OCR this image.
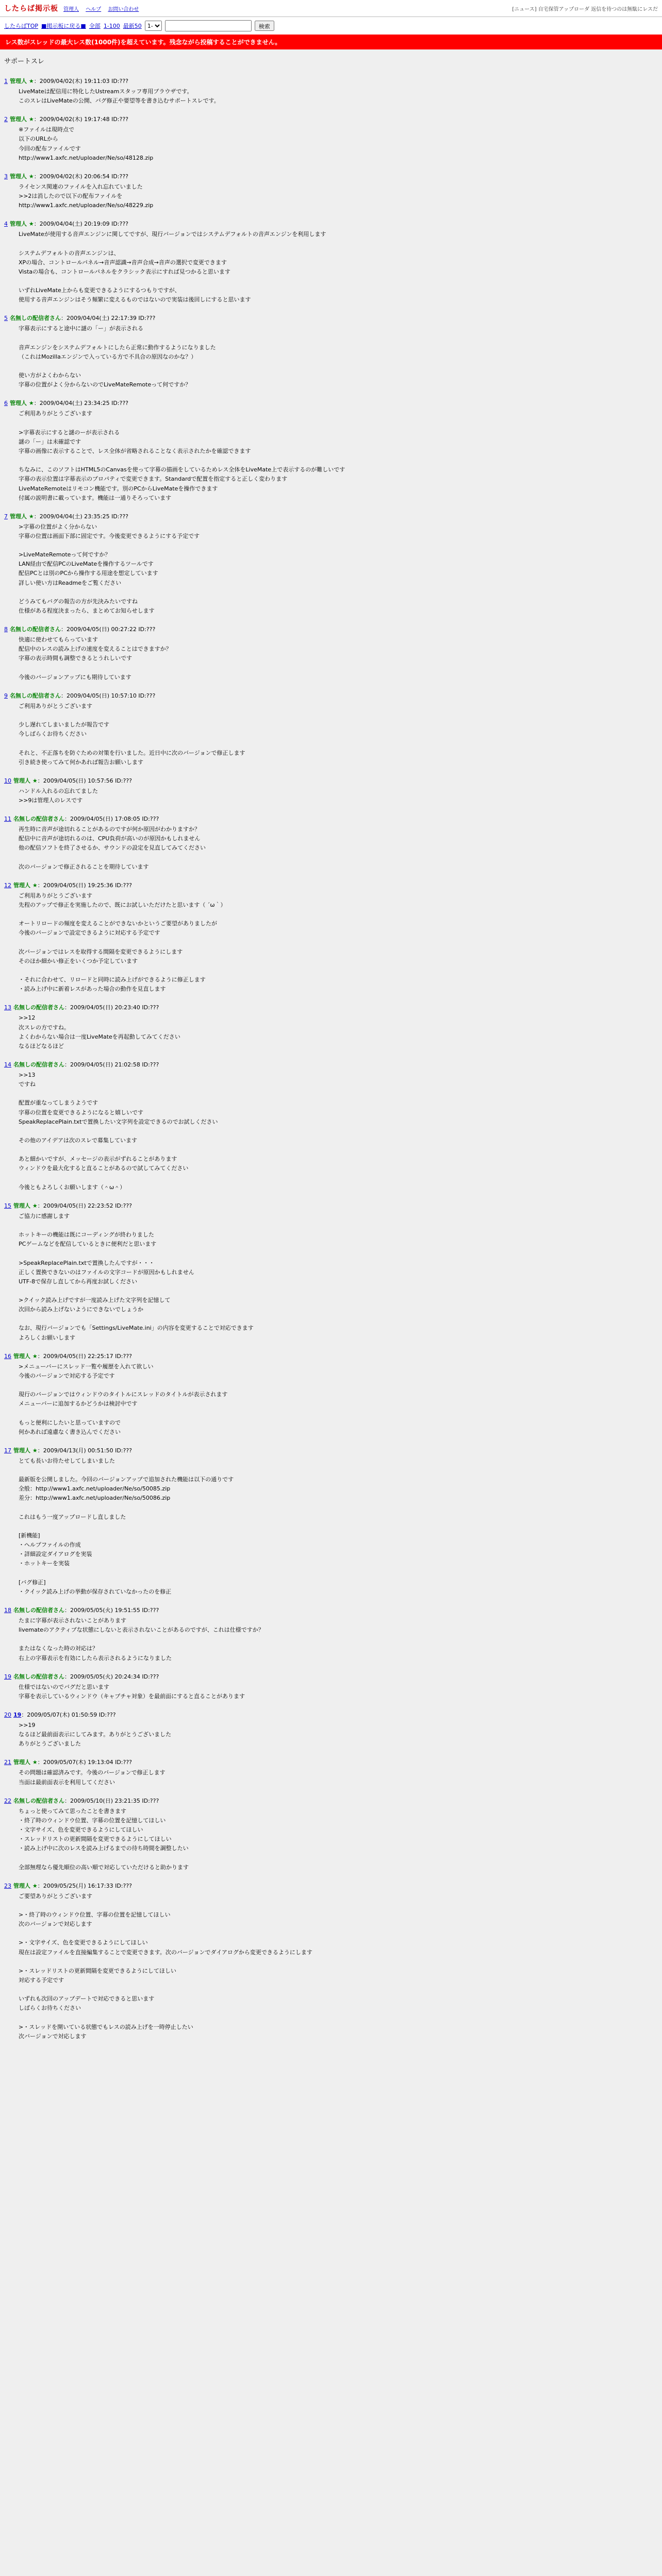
したらば掲示板 管理人 ヘルプ お問い合わせ	[ニュース] 自宅保管アップローダ 返信を待つのは無駄にレスだ
したらばTOP ■掲示板に戻る■ 全部 1-100 最新50
1-	検索
レス数がスレッドの最大レス数(1000件)を超えています。残念ながら投稿することができません。
サポートスレ
1 管理人 ★：2009/04/02(木) 19:11:03 ID:???
LiveMateは配信用に特化したUstreamスタッフ専用ブラウザです。
このスレはLiveMateの公開、バグ修正や要望等を書き込むサポートスレです。
2 管理人 ★：2009/04/02(木) 19:17:48 ID:???
※ファイルは現時点で
以下のURLから
今回の配布ファイルです
http://www1.axfc.net/uploader/Ne/so/48128.zip
3 管理人 ★：2009/04/02(木) 20:06:54 ID:???
ライセンス関連のファイルを入れ忘れていました
>>2は消したので以下の配布ファイルを
http://www1.axfc.net/uploader/Ne/so/48229.zip
4 管理人 ★：2009/04/04(土) 20:19:09 ID:???
LiveMateが使用する音声エンジンに関してですが、現行バージョンではシステムデフォルトの音声エンジンを利用します

システムデフォルトの音声エンジンは、
XPの場合、コントロールパネル→音声認識→音声合成→音声の選択で変更できます
Vistaの場合も、コントロールパネルをクラシック表示にすれば見つかると思います

いずれLiveMate上からも変更できるようにするつもりですが、
使用する音声エンジンはそう頻繁に変えるものではないので実装は後回しにすると思います
5 名無しの配信者さん：2009/04/04(土) 22:17:39 ID:???
字幕表示にすると途中に謎の「ー」が表示される

音声エンジンをシステムデフォルトにしたら正常に動作するようになりました
（これはMozillaエンジンで入っている方で不具合の原因なのかな？）

使い方がよくわからない
字幕の位置がよく分からないのでLiveMateRemoteって何ですか？
6 管理人 ★：2009/04/04(土) 23:34:25 ID:???
ご利用ありがとうございます

>字幕表示にすると謎のーが表示される
謎の「ー」は未確認です
字幕の画像に表示することで、レス全体が省略されることなく表示されたかを確認できます

ちなみに、このソフトはHTML5のCanvasを使って字幕の描画をしているためレス全体をLiveMate上で表示するのが難しいです
字幕の表示位置は字幕表示のプロパティで変更できます。Standardで配置を指定すると正しく変わります
LiveMateRemoteはリモコン機能です。別のPCからLiveMateを操作できます
付属の説明書に載っています。機能は一通りそろっています
7 管理人 ★：2009/04/04(土) 23:35:25 ID:???
>字幕の位置がよく分からない
字幕の位置は画面下部に固定です。今後変更できるようにする予定です

>LiveMateRemoteって何ですか？
LAN経由で配信PCのLiveMateを操作するツールです
配信PCとは別のPCから操作する用途を想定しています
詳しい使い方はReadmeをご覧ください

どうみてもバグの報告の方が先決みたいですね
仕様がある程度決まったら、まとめてお知らせします
8 名無しの配信者さん：2009/04/05(日) 00:27:22 ID:???
快適に使わせてもらっています
配信中のレスの読み上げの速度を変えることはできますか？
字幕の表示時間も調整できるとうれしいです

今後のバージョンアップにも期待しています
9 名無しの配信者さん：2009/04/05(日) 10:57:10 ID:???
ご利用ありがとうございます

少し遅れてしまいましたが報告です
今しばらくお待ちください

それと、不正落ちを防ぐための対策を行いました。近日中に次のバージョンで修正します
引き続き使ってみて何かあれば報告お願いします
10 管理人 ★：2009/04/05(日) 10:57:56 ID:???
ハンドル入れるの忘れてました
>>9は管理人のレスです
11 名無しの配信者さん：2009/04/05(日) 17:08:05 ID:???
再生時に音声が途切れることがあるのですが何か原因がわかりますか？
配信中に音声が途切れるのは、CPU負荷が高いのが原因かもしれません
他の配信ソフトを終了させるか、サウンドの設定を見直してみてください

次のバージョンで修正されることを期待しています
12 管理人 ★：2009/04/05(日) 19:25:36 ID:???
ご利用ありがとうございます
先程のアップで修正を実施したので、既にお試しいただけたと思います（ ´ω｀）

オートリロードの頻度を変えることができないかというご要望がありましたが
今後のバージョンで設定できるように対応する予定です

次バージョンではレスを取得する間隔を変更できるようにします
そのほか細かい修正をいくつか予定しています

・それに合わせて、リロードと同時に読み上げができるように修正します
・読み上げ中に新着レスがあった場合の動作を見直します
13 名無しの配信者さん：2009/04/05(日) 20:23:40 ID:???
>>12
次スレの方ですね。
よくわからない場合は一度LiveMateを再起動してみてください
なるほどなるほど
14 名無しの配信者さん：2009/04/05(日) 21:02:58 ID:???
>>13
ですね

配置が重なってしまうようです
字幕の位置を変更できるようになると嬉しいです
SpeakReplacePlain.txtで置換したい文字列を設定できるのでお試しください

その他のアイデアは次のスレで募集しています

あと細かいですが、メッセージの表示がずれることがあります
ウィンドウを最大化すると直ることがあるので試してみてください

今後ともよろしくお願いします（＾ω＾）
15 管理人 ★：2009/04/05(日) 22:23:52 ID:???
ご協力に感謝します

ホットキーの機能は既にコーディングが終わりました
PCゲームなどを配信しているときに便利だと思います

>SpeakReplacePlain.txtで置換したんですが・・・
正しく置換できないのはファイルの文字コードが原因かもしれません
UTF-8で保存し直してから再度お試しください

>クイック読み上げですが一度読み上げた文字列を記憶して
次回から読み上げないようにできないでしょうか

なお、現行バージョンでも「Settings/LiveMate.ini」の内容を変更することで対応できます
よろしくお願いします
16 管理人 ★：2009/04/05(日) 22:25:17 ID:???
>メニューバーにスレッド一覧や履歴を入れて欲しい
今後のバージョンで対応する予定です

現行のバージョンではウィンドウのタイトルにスレッドのタイトルが表示されます
メニューバーに追加するかどうかは検討中です

もっと便利にしたいと思っていますので
何かあれば遠慮なく書き込んでください
17 管理人 ★：2009/04/13(月) 00:51:50 ID:???
とても長いお待たせしてしまいました

最新版を公開しました。今回のバージョンアップで追加された機能は以下の通りです
全般：http://www1.axfc.net/uploader/Ne/so/50085.zip
差分：http://www1.axfc.net/uploader/Ne/so/50086.zip

これはもう一度アップロードし直しました

[新機能]
・ヘルプファイルの作成
・詳細設定ダイアログを実装
・ホットキーを実装

[バグ修正]
・クイック読み上げの挙動が保存されていなかったのを修正
18 名無しの配信者さん：2009/05/05(火) 19:51:55 ID:???
たまに字幕が表示されないことがあります
livemateのアクティブな状態にしないと表示されないことがあるのですが、これは仕様ですか？

またはなくなった時の対応は？
右上の字幕表示を有効にしたら表示されるようになりました
19 名無しの配信者さん：2009/05/05(火) 20:24:34 ID:???
仕様ではないのでバグだと思います
字幕を表示しているウィンドウ（キャプチャ対象）を最前面にすると直ることがあります
20 19：2009/05/07(木) 01:50:59 ID:???
>>19
なるほど最前面表示にしてみます。ありがとうございました
ありがとうございました
21 管理人 ★：2009/05/07(木) 19:13:04 ID:???
その問題は確認済みです。今後のバージョンで修正します
当面は最前面表示を利用してください
22 名無しの配信者さん：2009/05/10(日) 23:21:35 ID:???
ちょっと使ってみて思ったことを書きます
・終了時のウィンドウ位置、字幕の位置を記憶してほしい
・文字サイズ、色を変更できるようにしてほしい
・スレッドリストの更新間隔を変更できるようにしてほしい
・読み上げ中に次のレスを読み上げるまでの待ち時間を調整したい

全部無理なら優先順位の高い順で対応していただけると助かります
23 管理人 ★：2009/05/25(月) 16:17:33 ID:???
ご要望ありがとうございます

>・終了時のウィンドウ位置、字幕の位置を記憶してほしい
次のバージョンで対応します

>・文字サイズ、色を変更できるようにしてほしい
現在は設定ファイルを直接編集することで変更できます。次のバージョンでダイアログから変更できるようにします

>・スレッドリストの更新間隔を変更できるようにしてほしい
対応する予定です

いずれも次回のアップデートで対応できると思います
しばらくお待ちください

>・スレッドを開いている状態でもレスの読み上げを一時停止したい
次バージョンで対応します
